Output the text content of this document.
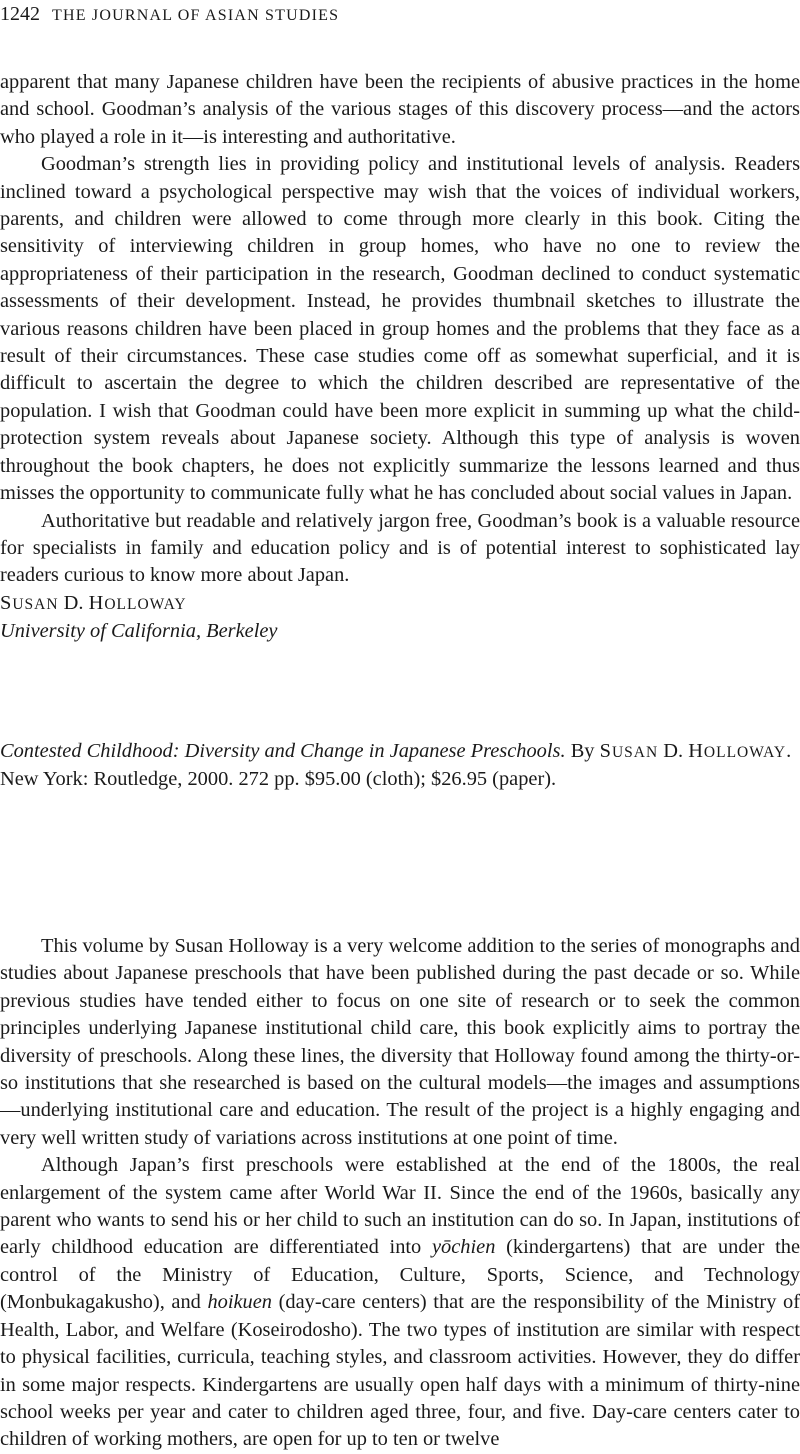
1242 THE JOURNAL OF ASIAN STUDIES

apparent that many Japanese children have been the recipients of abusive practices in the home and school. Goodman’s analysis of the various stages of this discovery process—and the actors who played a role in it—is interesting and authoritative.

Goodman’s strength lies in providing policy and institutional levels of analysis. Readers inclined toward a psychological perspective may wish that the voices of individual workers, parents, and children were allowed to come through more clearly in this book. Citing the sensitivity of interviewing children in group homes, who have no one to review the appropriateness of their participation in the research, Goodman declined to conduct systematic assessments of their development. Instead, he provides thumbnail sketches to illustrate the various reasons children have been placed in group homes and the problems that they face as a result of their circumstances. These case studies come off as somewhat superficial, and it is difficult to ascertain the degree to which the children described are representative of the population. I wish that Goodman could have been more explicit in summing up what the child-protection system reveals about Japanese society. Although this type of analysis is woven throughout the book chapters, he does not explicitly summarize the lessons learned and thus misses the opportunity to communicate fully what he has concluded about social values in Japan.

Authoritative but readable and relatively jargon free, Goodman’s book is a valuable resource for specialists in family and education policy and is of potential interest to sophisticated lay readers curious to know more about Japan.

SUSAN D. HOLLOWAY

University of California, Berkeley

Contested Childhood: Diversity and Change in Japanese Preschools. By SUSAN D. HOLLOWAY. New York: Routledge, 2000. 272 pp. $95.00 (cloth); $26.95 (paper).

This volume by Susan Holloway is a very welcome addition to the series of monographs and studies about Japanese preschools that have been published during the past decade or so. While previous studies have tended either to focus on one site of research or to seek the common principles underlying Japanese institutional child care, this book explicitly aims to portray the diversity of preschools. Along these lines, the diversity that Holloway found among the thirty-or-so institutions that she researched is based on the cultural models—the images and assumptions—underlying institutional care and education. The result of the project is a highly engaging and very well written study of variations across institutions at one point of time.

Although Japan’s first preschools were established at the end of the 1800s, the real enlargement of the system came after World War II. Since the end of the 1960s, basically any parent who wants to send his or her child to such an institution can do so. In Japan, institutions of early childhood education are differentiated into yōchien (kindergartens) that are under the control of the Ministry of Education, Culture, Sports, Science, and Technology (Monbukagakusho), and hoikuen (day-care centers) that are the responsibility of the Ministry of Health, Labor, and Welfare (Koseirodosho). The two types of institution are similar with respect to physical facilities, curricula, teaching styles, and classroom activities. However, they do differ in some major respects. Kindergartens are usually open half days with a minimum of thirty-nine school weeks per year and cater to children aged three, four, and five. Day-care centers cater to children of working mothers, are open for up to ten or twelve
